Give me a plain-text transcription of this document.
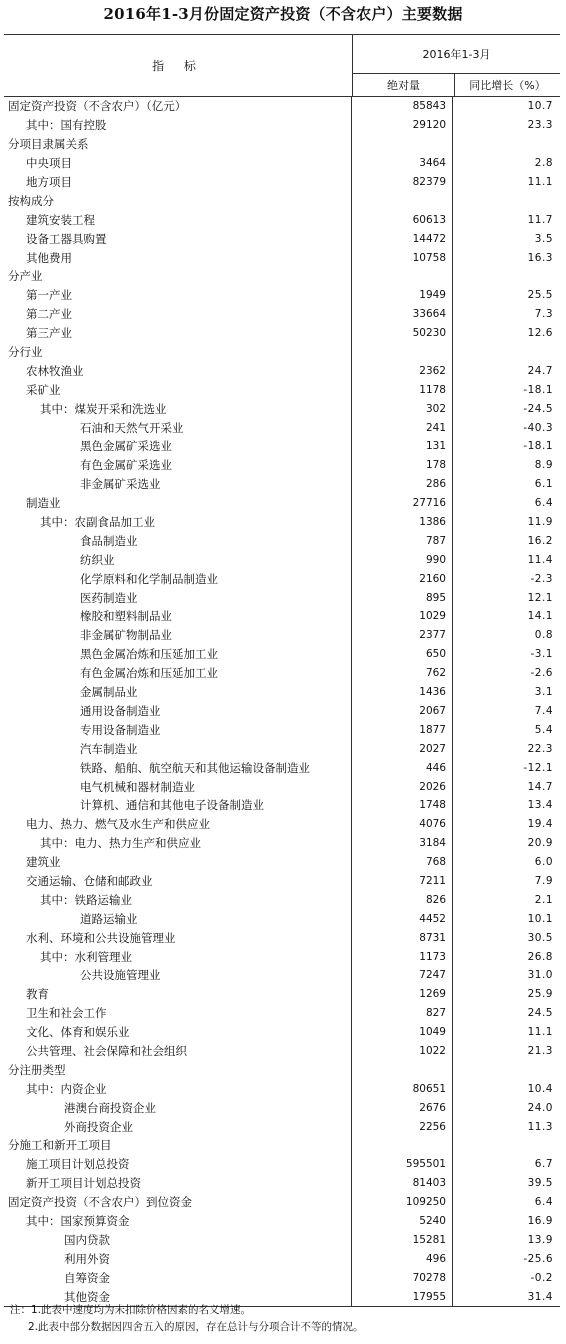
2016年1-3月份固定资产投资（不含农户）主要数据
指 标
2016年1-3月
绝对量	同比增长（%）
固定资产投资（不含农户）（亿元）	85843	10.7
其中：国有控股	29120	23.3
分项目隶属关系
中央项目	3464	2.8
地方项目	82379	11.1
按构成分
建筑安装工程	60613	11.7
设备工器具购置	14472	3.5
其他费用	10758	16.3
分产业
第一产业	1949	25.5
第二产业	33664	7.3
第三产业	50230	12.6
分行业
农林牧渔业	2362	24.7
采矿业	1178	-18.1
其中：煤炭开采和洗选业	302	-24.5
石油和天然气开采业	241	-40.3
黑色金属矿采选业	131	-18.1
有色金属矿采选业	178	8.9
非金属矿采选业	286	6.1
制造业	27716	6.4
其中：农副食品加工业	1386	11.9
食品制造业	787	16.2
纺织业	990	11.4
化学原料和化学制品制造业	2160	-2.3
医药制造业	895	12.1
橡胶和塑料制品业	1029	14.1
非金属矿物制品业	2377	0.8
黑色金属冶炼和压延加工业	650	-3.1
有色金属冶炼和压延加工业	762	-2.6
金属制品业	1436	3.1
通用设备制造业	2067	7.4
专用设备制造业	1877	5.4
汽车制造业	2027	22.3
铁路、船舶、航空航天和其他运输设备制造业	446	-12.1
电气机械和器材制造业	2026	14.7
计算机、通信和其他电子设备制造业	1748	13.4
电力、热力、燃气及水生产和供应业	4076	19.4
其中：电力、热力生产和供应业	3184	20.9
建筑业	768	6.0
交通运输、仓储和邮政业	7211	7.9
其中：铁路运输业	826	2.1
道路运输业	4452	10.1
水利、环境和公共设施管理业	8731	30.5
其中：水利管理业	1173	26.8
公共设施管理业	7247	31.0
教育	1269	25.9
卫生和社会工作	827	24.5
文化、体育和娱乐业	1049	11.1
公共管理、社会保障和社会组织	1022	21.3
分注册类型
其中：内资企业	80651	10.4
港澳台商投资企业	2676	24.0
外商投资企业	2256	11.3
分施工和新开工项目
施工项目计划总投资	595501	6.7
新开工项目计划总投资	81403	39.5
固定资产投资（不含农户）到位资金	109250	6.4
其中：国家预算资金	5240	16.9
国内贷款	15281	13.9
利用外资	496	-25.6
自筹资金	70278	-0.2
其他资金	17955	31.4
注：1.此表中速度均为未扣除价格因素的名义增速。
2.此表中部分数据因四舍五入的原因，存在总计与分项合计不等的情况。
